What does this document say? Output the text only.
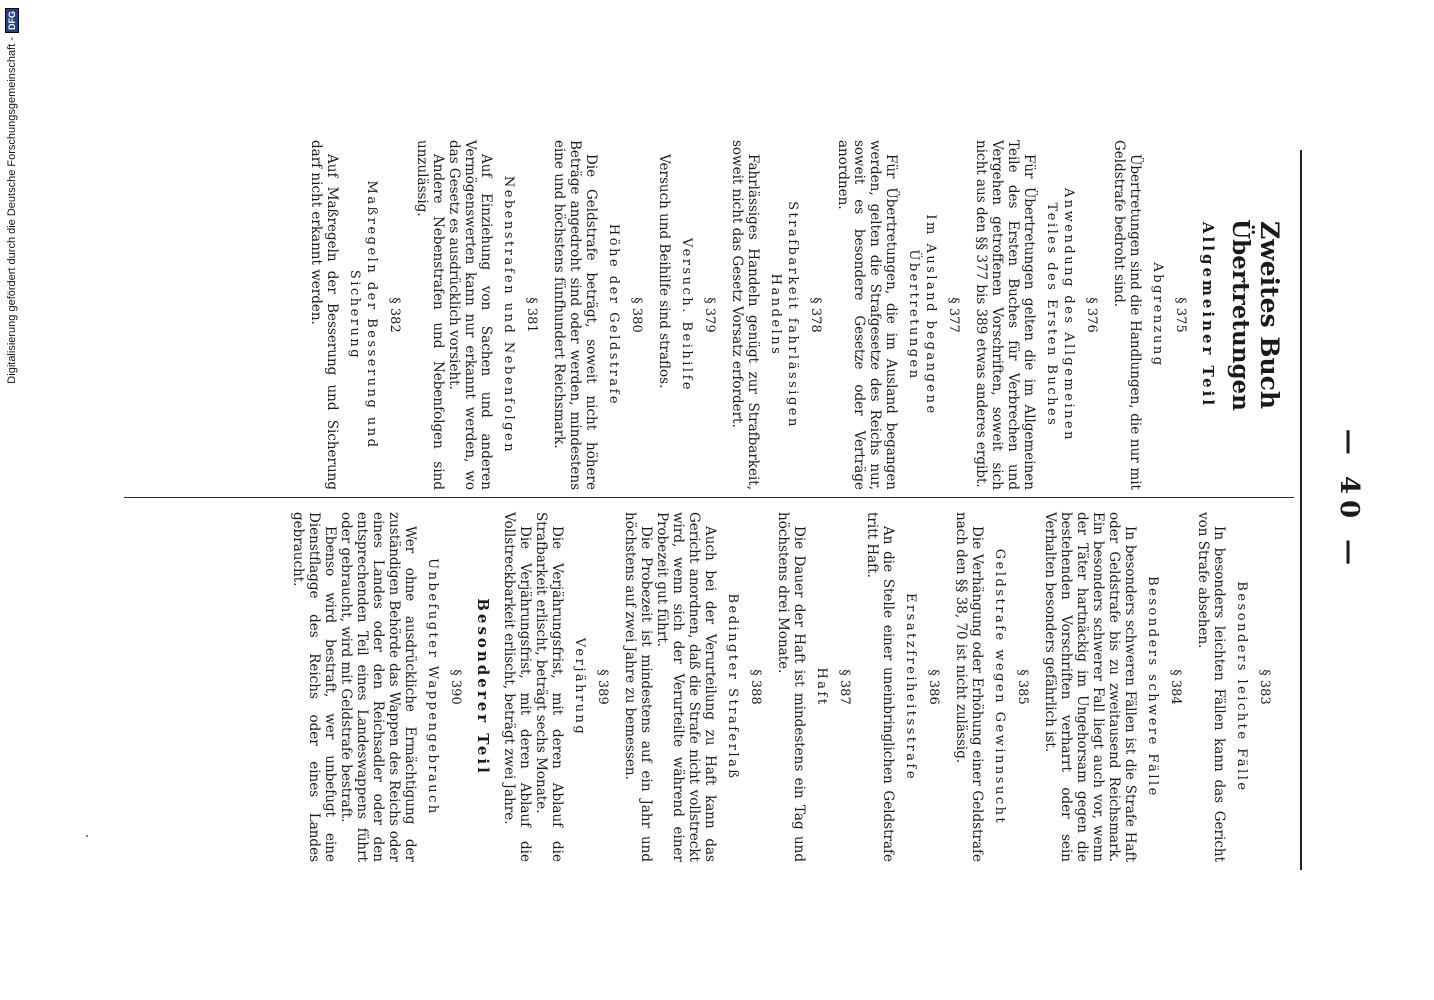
— 40 —
Zweites Buch
Übertretungen
Allgemeiner Teil
§ 375
Abgrenzung

Übertretungen sind die Handlungen, die nur mit Geldstrafe bedroht sind.

§ 376
Anwendung des Allgemeinen Teiles des Ersten Buches

Für Übertretungen gelten die im Allgemeinen Teile des Ersten Buches für Verbrechen und Vergehen getroffenen Vorschriften, soweit sich nicht aus den §§ 377 bis 389 etwas anderes ergibt.

§ 377
Im Ausland begangene Übertretungen

Für Übertretungen, die im Ausland begangen werden, gelten die Strafgesetze des Reichs nur, soweit es besondere Gesetze oder Verträge anordnen.

§ 378
Strafbarkeit fahrlässigen Handelns

Fahrlässiges Handeln genügt zur Strafbarkeit, soweit nicht das Gesetz Vorsatz erfordert.

§ 379
Versuch. Beihilfe

Versuch und Beihilfe sind straflos.

§ 380
Höhe der Geldstrafe

Die Geldstrafe beträgt, soweit nicht höhere Beträge angedroht sind oder werden, mindestens eine und höchstens fünfhundert Reichsmark.

§ 381
Nebenstrafen und Nebenfolgen

Auf Einziehung von Sachen und anderen Vermögenswerten kann nur erkannt werden, wo das Gesetz es ausdrücklich vorsieht.

Andere Nebenstrafen und Nebenfolgen sind unzulässig.

§ 382
Maßregeln der Besserung und Sicherung

Auf Maßregeln der Besserung und Sicherung darf nicht erkannt werden.

§ 383
Besonders leichte Fälle

In besonders leichten Fällen kann das Gericht von Strafe absehen.

§ 384
Besonders schwere Fälle

In besonders schweren Fällen ist die Strafe Haft oder Geldstrafe bis zu zweitausend Reichsmark. Ein besonders schwerer Fall liegt auch vor, wenn der Täter hartnäckig im Ungehorsam gegen die bestehenden Vorschriften verharrt oder sein Verhalten besonders gefährlich ist.

§ 385
Geldstrafe wegen Gewinnsucht

Die Verhängung oder Erhöhung einer Geldstrafe nach den §§ 38, 70 ist nicht zulässig.

§ 386
Ersatzfreiheitsstrafe

An die Stelle einer uneinbringlichen Geldstrafe tritt Haft.

§ 387
Haft

Die Dauer der Haft ist mindestens ein Tag und höchstens drei Monate.

§ 388
Bedingter Straferlaß

Auch bei der Verurteilung zu Haft kann das Gericht anordnen, daß die Strafe nicht vollstreckt wird, wenn sich der Verurteilte während einer Probezeit gut führt.

Die Probezeit ist mindestens auf ein Jahr und höchstens auf zwei Jahre zu bemessen.

§ 389
Verjährung

Die Verjährungsfrist, mit deren Ablauf die Strafbarkeit erlischt, beträgt sechs Monate.

Die Verjährungsfrist, mit deren Ablauf die Vollstreckbarkeit erlischt, beträgt zwei Jahre.

Besonderer Teil
§ 390
Unbefugter Wappengebrauch

Wer ohne ausdrückliche Ermächtigung der zuständigen Behörde das Wappen des Reichs oder eines Landes oder den Reichsadler oder den entsprechenden Teil eines Landeswappens führt oder gebraucht, wird mit Geldstrafe bestraft.

Ebenso wird bestraft, wer unbefugt eine Dienstflagge des Reichs oder eines Landes gebraucht.

Digitalisierung gefördert durch die Deutsche Forschungsgemeinschaft -
DFG
